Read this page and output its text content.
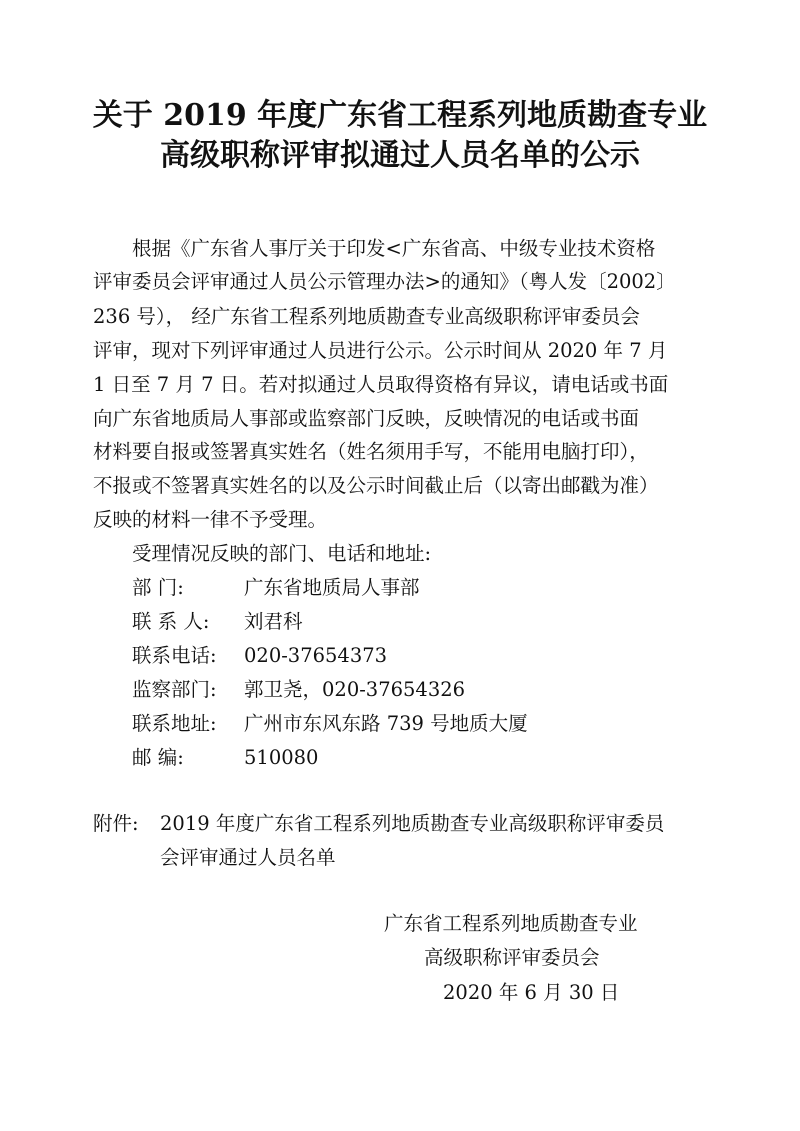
关于 2019 年度广东省工程系列地质勘查专业
高级职称评审拟通过人员名单的公示
根据《广东省人事厅关于印发<广东省高、中级专业技术资格
评审委员会评审通过人员公示管理办法>的通知》（粤人发〔2002〕
236 号）， 经广东省工程系列地质勘查专业高级职称评审委员会
评审，现对下列评审通过人员进行公示。公示时间从 2020 年 7 月
1 日至 7 月 7 日。若对拟通过人员取得资格有异议，请电话或书面
向广东省地质局人事部或监察部门反映，反映情况的电话或书面
材料要自报或签署真实姓名（姓名须用手写，不能用电脑打印），
不报或不签署真实姓名的以及公示时间截止后（以寄出邮戳为准）
反映的材料一律不予受理。
受理情况反映的部门、电话和地址:
部 门:	广东省地质局人事部
联 系 人: 刘君科
联系电话: 020-37654373
监察部门: 郭卫尧，020-37654326
联系地址: 广州市东风东路 739 号地质大厦
邮 编:	510080
附件: 2019 年度广东省工程系列地质勘查专业高级职称评审委员
会评审通过人员名单
广东省工程系列地质勘查专业
高级职称评审委员会
2020 年 6 月 30 日
